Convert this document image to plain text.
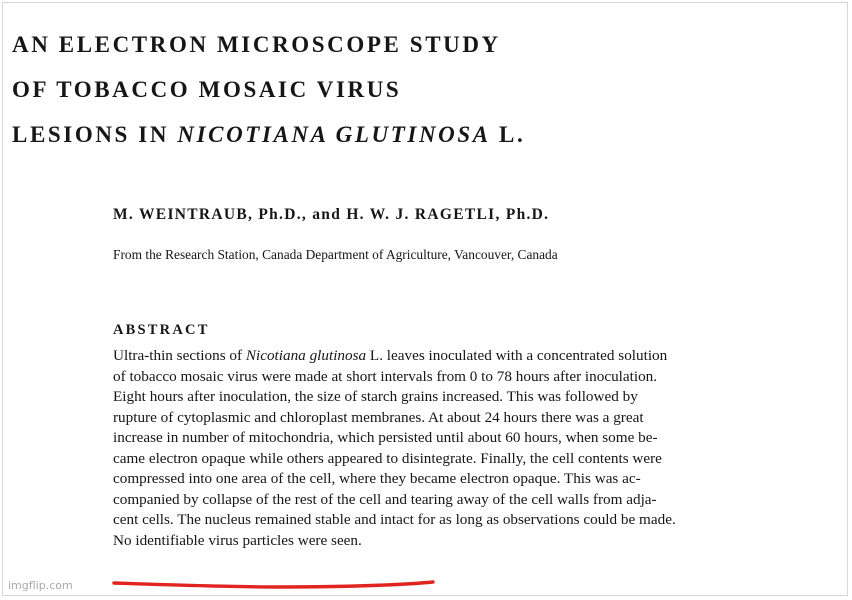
AN ELECTRON MICROSCOPE STUDY
OF TOBACCO MOSAIC VIRUS
LESIONS IN NICOTIANA GLUTINOSA L.
M. WEINTRAUB, Ph.D., and H. W. J. RAGETLI, Ph.D.
From the Research Station, Canada Department of Agriculture, Vancouver, Canada
ABSTRACT
Ultra-thin sections of Nicotiana glutinosa L. leaves inoculated with a concentrated solution
of tobacco mosaic virus were made at short intervals from 0 to 78 hours after inoculation.
Eight hours after inoculation, the size of starch grains increased. This was followed by
rupture of cytoplasmic and chloroplast membranes. At about 24 hours there was a great
increase in number of mitochondria, which persisted until about 60 hours, when some be-
came electron opaque while others appeared to disintegrate. Finally, the cell contents were
compressed into one area of the cell, where they became electron opaque. This was ac-
companied by collapse of the rest of the cell and tearing away of the cell walls from adja-
cent cells. The nucleus remained stable and intact for as long as observations could be made.
No identifiable virus particles were seen.
imgflip.com
